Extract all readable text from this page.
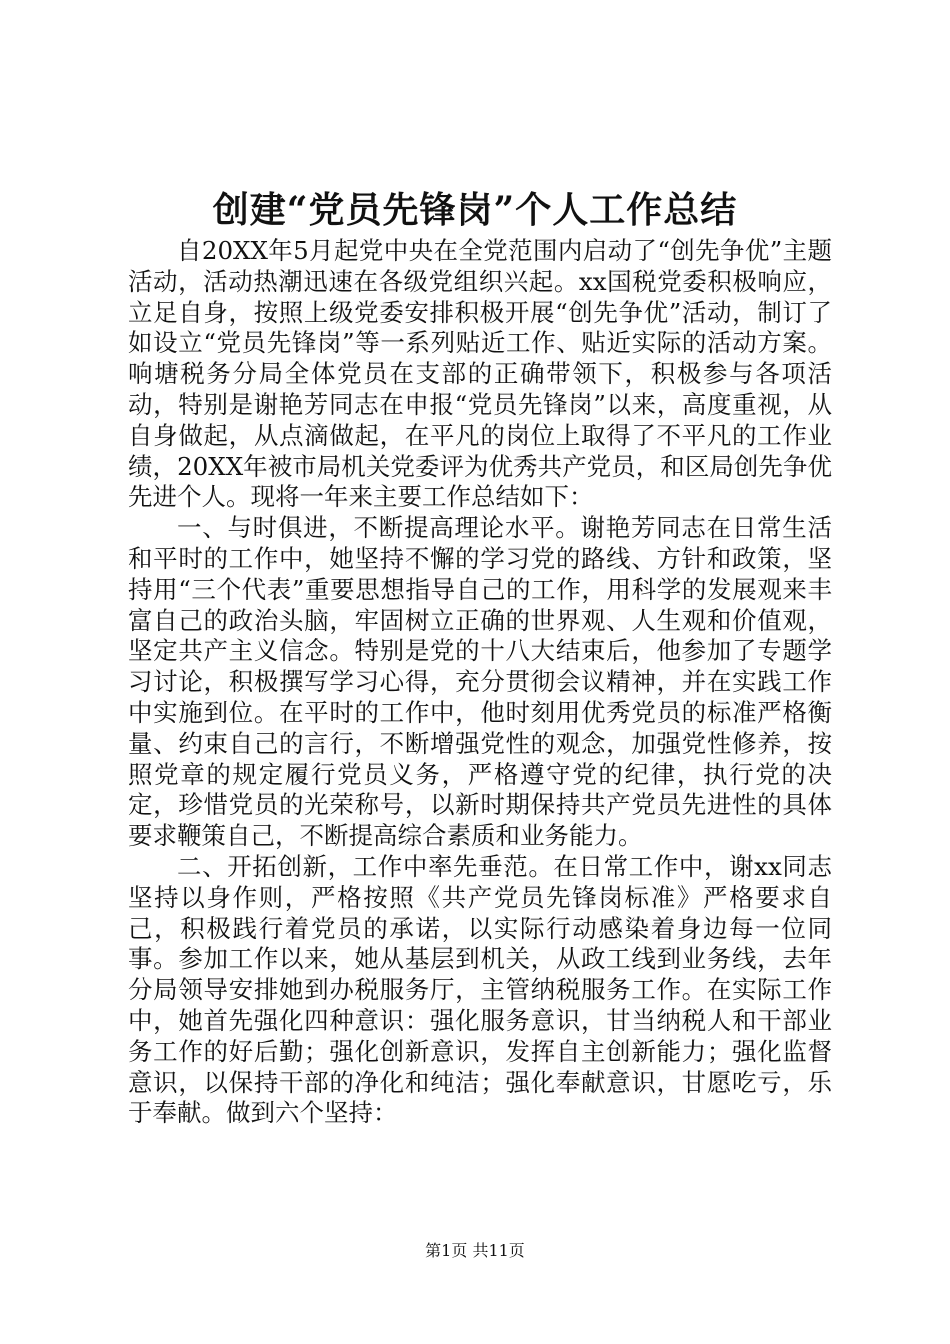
创建“党员先锋岗”个人工作总结

自20XX年5月起党中央在全党范围内启动了“创先争优”主题活动，活动热潮迅速在各级党组织兴起。xx国税党委积极响应，立足自身，按照上级党委安排积极开展“创先争优”活动，制订了如设立“党员先锋岗”等一系列贴近工作、贴近实际的活动方案。响塘税务分局全体党员在支部的正确带领下，积极参与各项活动，特别是谢艳芳同志在申报“党员先锋岗”以来，高度重视，从自身做起，从点滴做起，在平凡的岗位上取得了不平凡的工作业绩，20XX年被市局机关党委评为优秀共产党员，和区局创先争优先进个人。现将一年来主要工作总结如下：

一、与时俱进，不断提高理论水平。谢艳芳同志在日常生活和平时的工作中，她坚持不懈的学习党的路线、方针和政策，坚持用“三个代表”重要思想指导自己的工作，用科学的发展观来丰富自己的政治头脑，牢固树立正确的世界观、人生观和价值观，坚定共产主义信念。特别是党的十八大结束后，他参加了专题学习讨论，积极撰写学习心得，充分贯彻会议精神，并在实践工作中实施到位。在平时的工作中，他时刻用优秀党员的标准严格衡量、约束自己的言行，不断增强党性的观念，加强党性修养，按照党章的规定履行党员义务，严格遵守党的纪律，执行党的决定，珍惜党员的光荣称号，以新时期保持共产党员先进性的具体要求鞭策自己，不断提高综合素质和业务能力。

二、开拓创新，工作中率先垂范。在日常工作中，谢xx同志坚持以身作则，严格按照《共产党员先锋岗标准》严格要求自己，积极践行着党员的承诺，以实际行动感染着身边每一位同事。参加工作以来，她从基层到机关，从政工线到业务线，去年分局领导安排她到办税服务厅，主管纳税服务工作。在实际工作中，她首先强化四种意识：强化服务意识，甘当纳税人和干部业务工作的好后勤；强化创新意识，发挥自主创新能力；强化监督意识，以保持干部的净化和纯洁；强化奉献意识，甘愿吃亏，乐于奉献。做到六个坚持：

第1页 共11页
